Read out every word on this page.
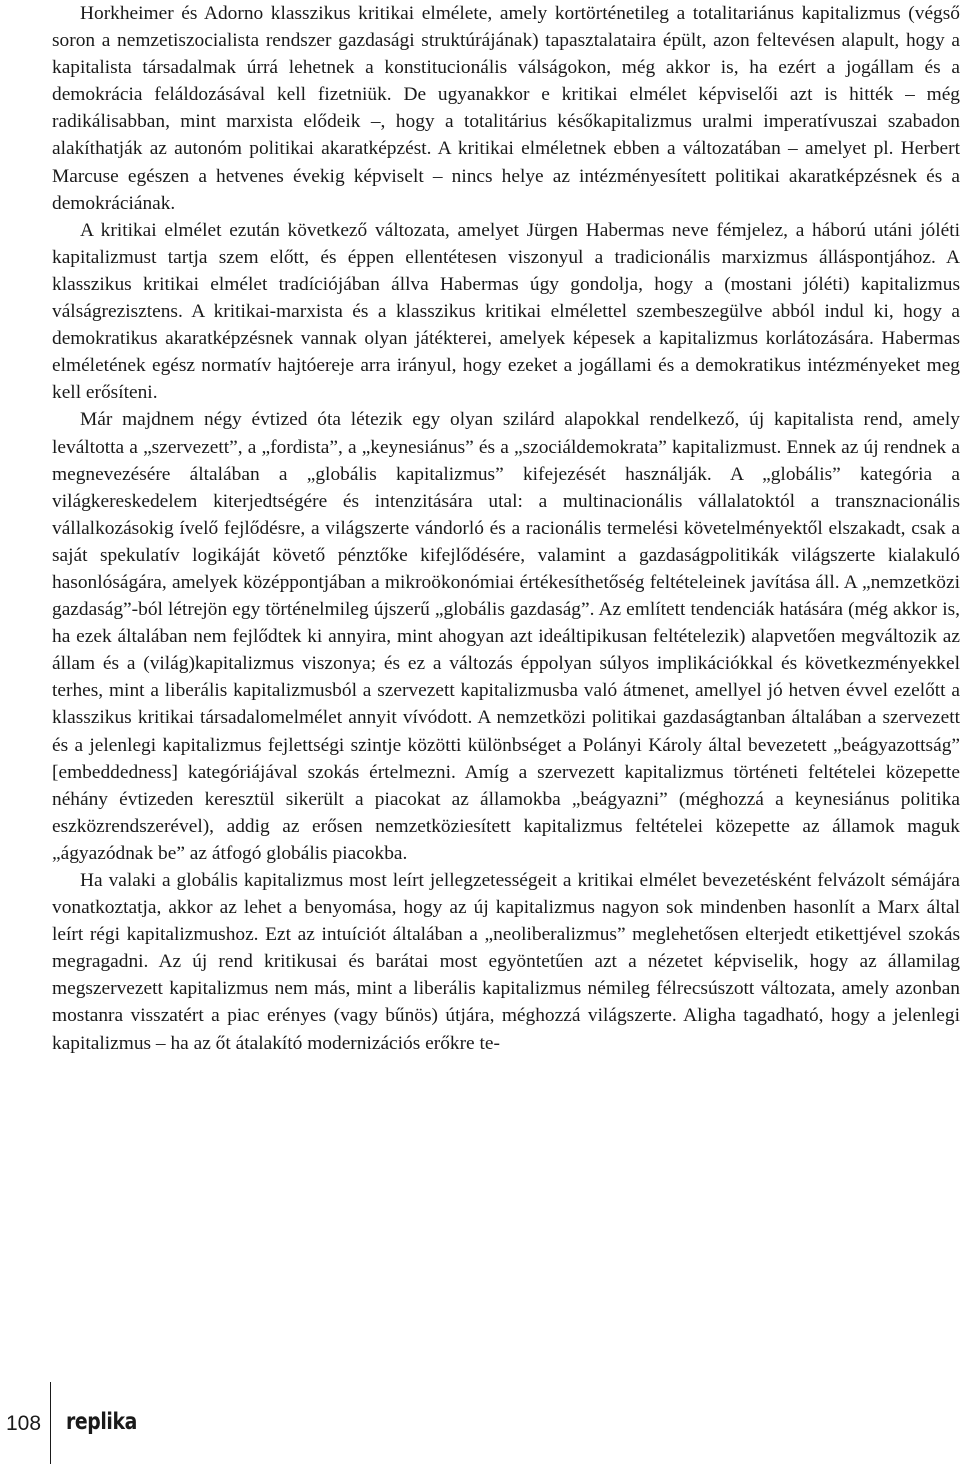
Horkheimer és Adorno klasszikus kritikai elmélete, amely kortörténetileg a totalitariánus kapitalizmus (végső soron a nemzetiszocialista rendszer gazdasági struktúrájának) tapasztalataira épült, azon feltevésen alapult, hogy a kapitalista társadalmak úrrá lehetnek a konstitucionális válságokon, még akkor is, ha ezért a jogállam és a demokrácia feláldozásával kell fizetniük. De ugyanakkor e kritikai elmélet képviselői azt is hitték – még radikálisabban, mint marxista elődeik –, hogy a totalitárius későkapitalizmus uralmi imperatívuszai szabadon alakíthatják az autonóm politikai akaratképzést. A kritikai elméletnek ebben a változatában – amelyet pl. Herbert Marcuse egészen a hetvenes évekig képviselt – nincs helye az intézményesített politikai akaratképzésnek és a demokráciának.

A kritikai elmélet ezután következő változata, amelyet Jürgen Habermas neve fémjelez, a háború utáni jóléti kapitalizmust tartja szem előtt, és éppen ellentétesen viszonyul a tradicionális marxizmus álláspontjához. A klasszikus kritikai elmélet tradíciójában állva Habermas úgy gondolja, hogy a (mostani jóléti) kapitalizmus válságrezisztens. A kritikai-marxista és a klasszikus kritikai elmélettel szembeszegülve abból indul ki, hogy a demokratikus akaratképzésnek vannak olyan játékterei, amelyek képesek a kapitalizmus korlátozására. Habermas elméletének egész normatív hajtóereje arra irányul, hogy ezeket a jogállami és a demokratikus intézményeket meg kell erősíteni.

Már majdnem négy évtized óta létezik egy olyan szilárd alapokkal rendelkező, új kapitalista rend, amely leváltotta a „szervezett”, a „fordista”, a „keynesiánus” és a „szociáldemokrata” kapitalizmust. Ennek az új rendnek a megnevezésére általában a „globális kapitalizmus” kifejezését használják. A „globális” kategória a világkereskedelem kiterjedtségére és intenzitására utal: a multinacionális vállalatoktól a transznacionális vállalkozásokig ívelő fejlődésre, a világszerte vándorló és a racionális termelési követelményektől elszakadt, csak a saját spekulatív logikáját követő pénztőke kifejlődésére, valamint a gazdaságpolitikák világszerte kialakuló hasonlóságára, amelyek középpontjában a mikroökonómiai értékesíthetőség feltételeinek javítása áll. A „nemzetközi gazdaság”-ból létrejön egy történelmileg újszerű „globális gazdaság”. Az említett tendenciák hatására (még akkor is, ha ezek általában nem fejlődtek ki annyira, mint ahogyan azt ideáltipikusan feltételezik) alapvetően megváltozik az állam és a (világ)kapitalizmus viszonya; és ez a változás éppolyan súlyos implikációkkal és következményekkel terhes, mint a liberális kapitalizmusból a szervezett kapitalizmusba való átmenet, amellyel jó hetven évvel ezelőtt a klasszikus kritikai társadalomelmélet annyit vívódott. A nemzetközi politikai gazdaságtanban általában a szervezett és a jelenlegi kapitalizmus fejlettségi szintje közötti különbséget a Polányi Károly által bevezetett „beágyazottság” [embeddedness] kategóriájával szokás értelmezni. Amíg a szervezett kapitalizmus történeti feltételei közepette néhány évtizeden keresztül sikerült a piacokat az államokba „beágyazni” (méghozzá a keynesiánus politika eszközrendszerével), addig az erősen nemzetköziesített kapitalizmus feltételei közepette az államok maguk „ágyazódnak be” az átfogó globális piacokba.

Ha valaki a globális kapitalizmus most leírt jellegzetességeit a kritikai elmélet bevezetésként felvázolt sémájára vonatkoztatja, akkor az lehet a benyomása, hogy az új kapitalizmus nagyon sok mindenben hasonlít a Marx által leírt régi kapitalizmushoz. Ezt az intuíciót általában a „neoliberalizmus” meglehetősen elterjedt etikettjével szokás megragadni. Az új rend kritikusai és barátai most egyöntetűen azt a nézetet képviselik, hogy az államilag megszervezett kapitalizmus nem más, mint a liberális kapitalizmus némileg félrecsúszott változata, amely azonban mostanra visszatért a piac erényes (vagy bűnös) útjára, méghozzá világszerte. Aligha tagadható, hogy a jelenlegi kapitalizmus – ha az őt átalakító modernizációs erőkre te-

108 replika
